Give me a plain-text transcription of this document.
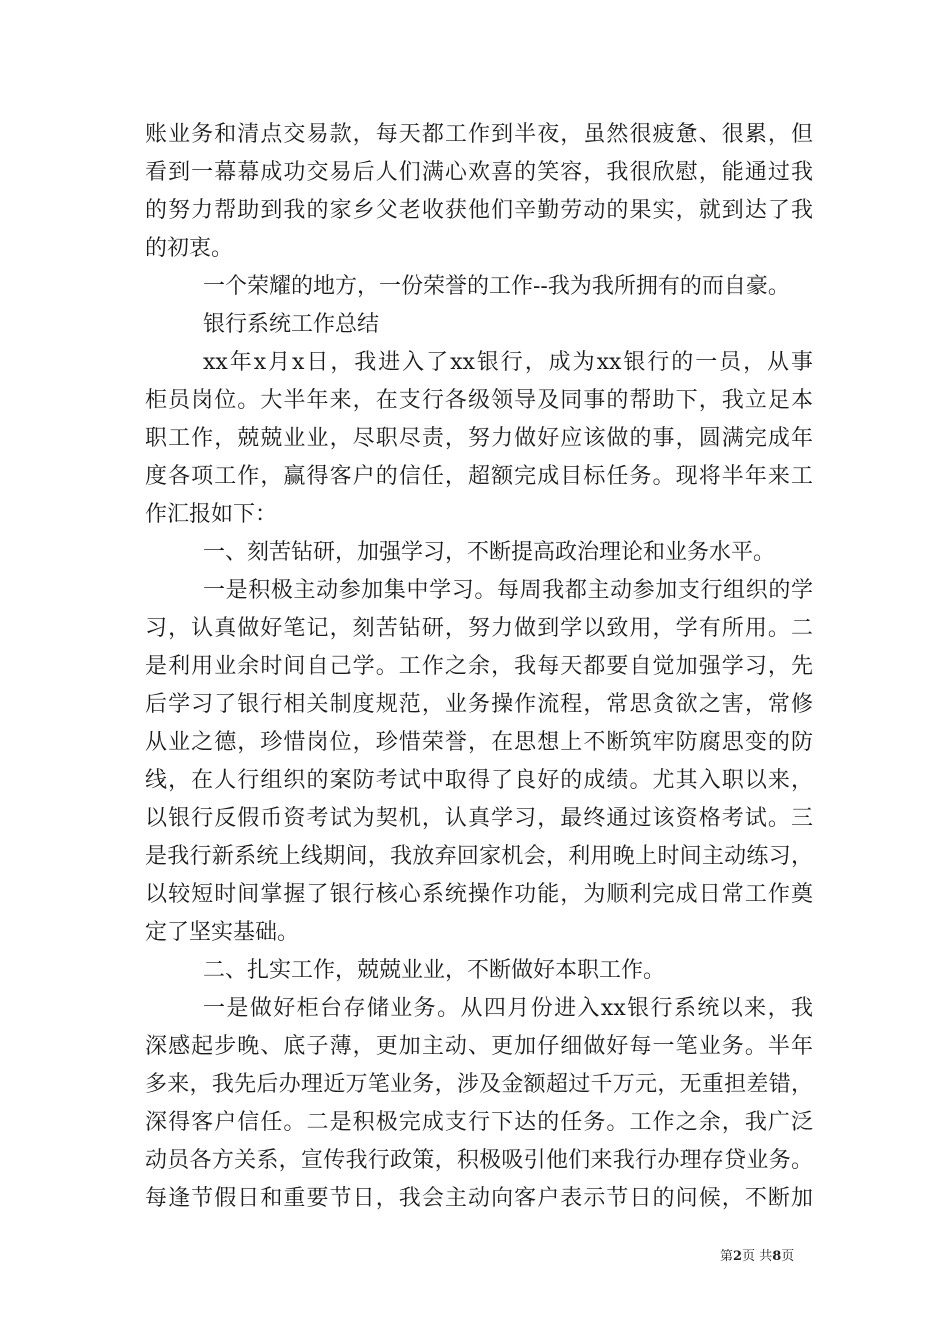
账业务和清点交易款，每天都工作到半夜，虽然很疲惫、很累，但
看到一幕幕成功交易后人们满心欢喜的笑容，我很欣慰，能通过我
的努力帮助到我的家乡父老收获他们辛勤劳动的果实，就到达了我
的初衷。
一个荣耀的地方，一份荣誉的工作--我为我所拥有的而自豪。
银行系统工作总结
xx年x月x日，我进入了xx银行，成为xx银行的一员，从事
柜员岗位。大半年来，在支行各级领导及同事的帮助下，我立足本
职工作，兢兢业业，尽职尽责，努力做好应该做的事，圆满完成年
度各项工作，赢得客户的信任，超额完成目标任务。现将半年来工
作汇报如下：
一、刻苦钻研，加强学习，不断提高政治理论和业务水平。
一是积极主动参加集中学习。每周我都主动参加支行组织的学
习，认真做好笔记，刻苦钻研，努力做到学以致用，学有所用。二
是利用业余时间自己学。工作之余，我每天都要自觉加强学习，先
后学习了银行相关制度规范，业务操作流程，常思贪欲之害，常修
从业之德，珍惜岗位，珍惜荣誉，在思想上不断筑牢防腐思变的防
线，在人行组织的案防考试中取得了良好的成绩。尤其入职以来，
以银行反假币资考试为契机，认真学习，最终通过该资格考试。三
是我行新系统上线期间，我放弃回家机会，利用晚上时间主动练习，
以较短时间掌握了银行核心系统操作功能，为顺利完成日常工作奠
定了坚实基础。
二、扎实工作，兢兢业业，不断做好本职工作。
一是做好柜台存储业务。从四月份进入xx银行系统以来，我
深感起步晚、底子薄，更加主动、更加仔细做好每一笔业务。半年
多来，我先后办理近万笔业务，涉及金额超过千万元，无重担差错，
深得客户信任。二是积极完成支行下达的任务。工作之余，我广泛
动员各方关系，宣传我行政策，积极吸引他们来我行办理存贷业务。
每逢节假日和重要节日，我会主动向客户表示节日的问候，不断加
第2页 共8页
